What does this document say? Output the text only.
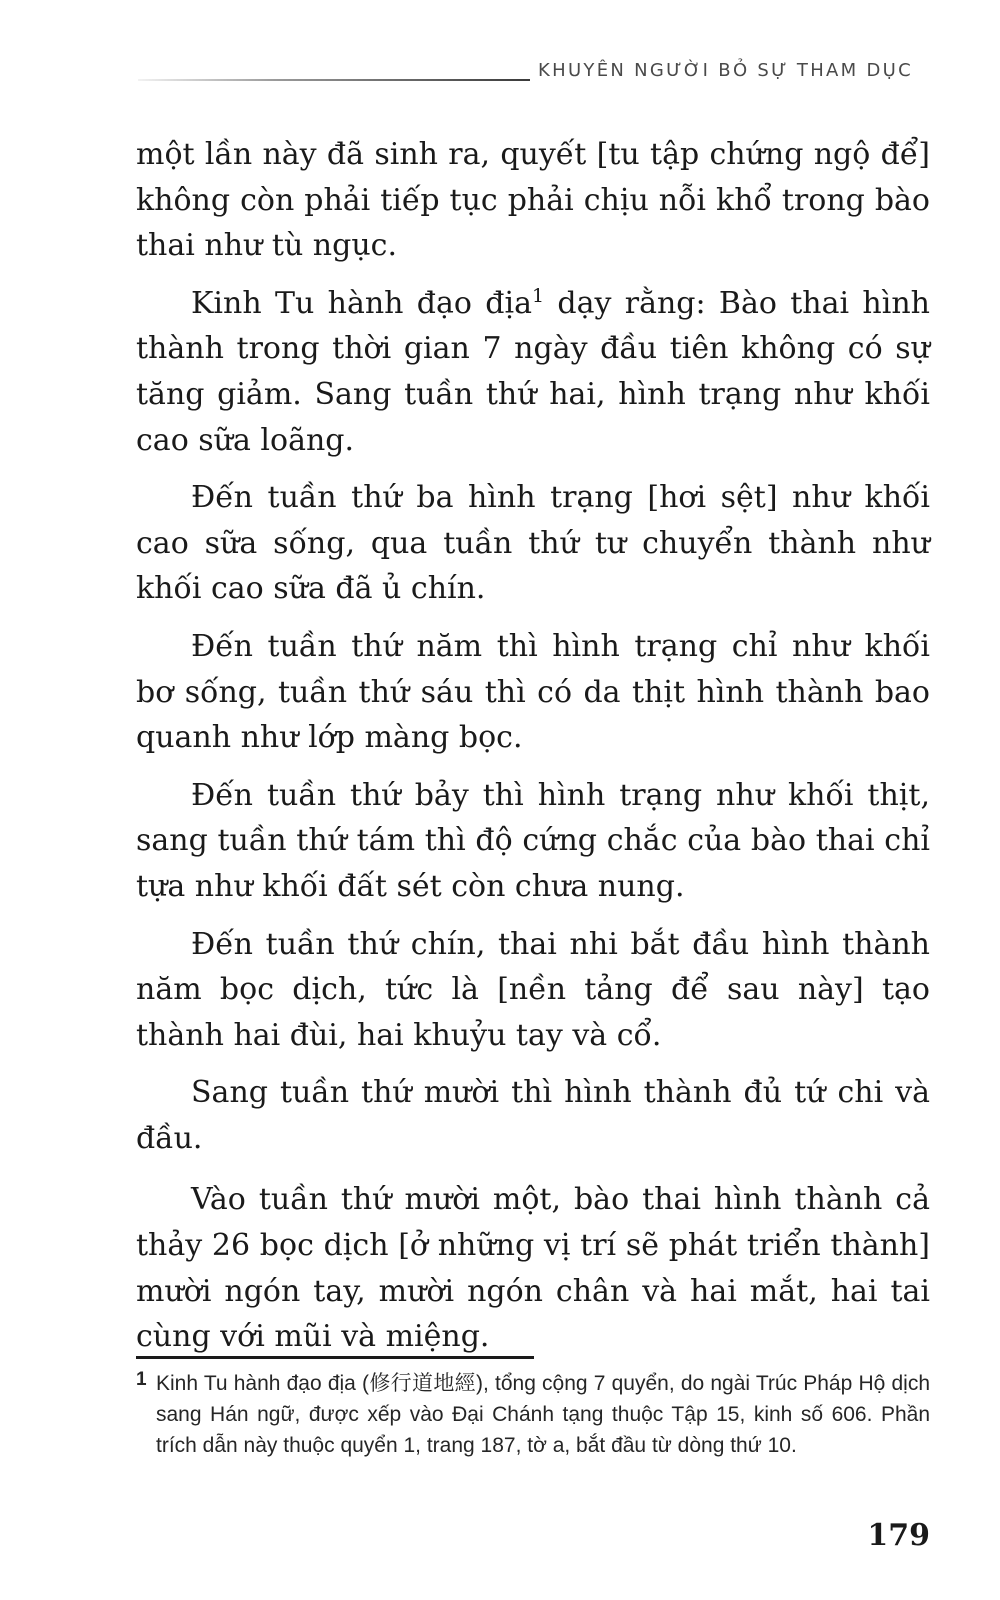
KHUYÊN NGƯỜI BỎ SỰ THAM DỤC

một lần này đã sinh ra, quyết [tu tập chứng ngộ để] không còn phải tiếp tục phải chịu nỗi khổ trong bào thai như tù ngục.

Kinh Tu hành đạo địa$^1$ dạy rằng: Bào thai hình thành trong thời gian 7 ngày đầu tiên không có sự tăng giảm. Sang tuần thứ hai, hình trạng như khối cao sữa loãng.

Đến tuần thứ ba hình trạng [hơi sệt] như khối cao sữa sống, qua tuần thứ tư chuyển thành như khối cao sữa đã ủ chín.

Đến tuần thứ năm thì hình trạng chỉ như khối bơ sống, tuần thứ sáu thì có da thịt hình thành bao quanh như lớp màng bọc.

Đến tuần thứ bảy thì hình trạng như khối thịt, sang tuần thứ tám thì độ cứng chắc của bào thai chỉ tựa như khối đất sét còn chưa nung.

Đến tuần thứ chín, thai nhi bắt đầu hình thành năm bọc dịch, tức là [nền tảng để sau này] tạo thành hai đùi, hai khuỷu tay và cổ.

Sang tuần thứ mười thì hình thành đủ tứ chi và đầu.

Vào tuần thứ mười một, bào thai hình thành cả thảy 26 bọc dịch [ở những vị trí sẽ phát triển thành] mười ngón tay, mười ngón chân và hai mắt, hai tai cùng với mũi và miệng.

1 Kinh Tu hành đạo địa (修行道地經), tổng cộng 7 quyển, do ngài Trúc Pháp Hộ dịch sang Hán ngữ, được xếp vào Đại Chánh tạng thuộc Tập 15, kinh số 606. Phần trích dẫn này thuộc quyển 1, trang 187, tờ a, bắt đầu từ dòng thứ 10.
179
